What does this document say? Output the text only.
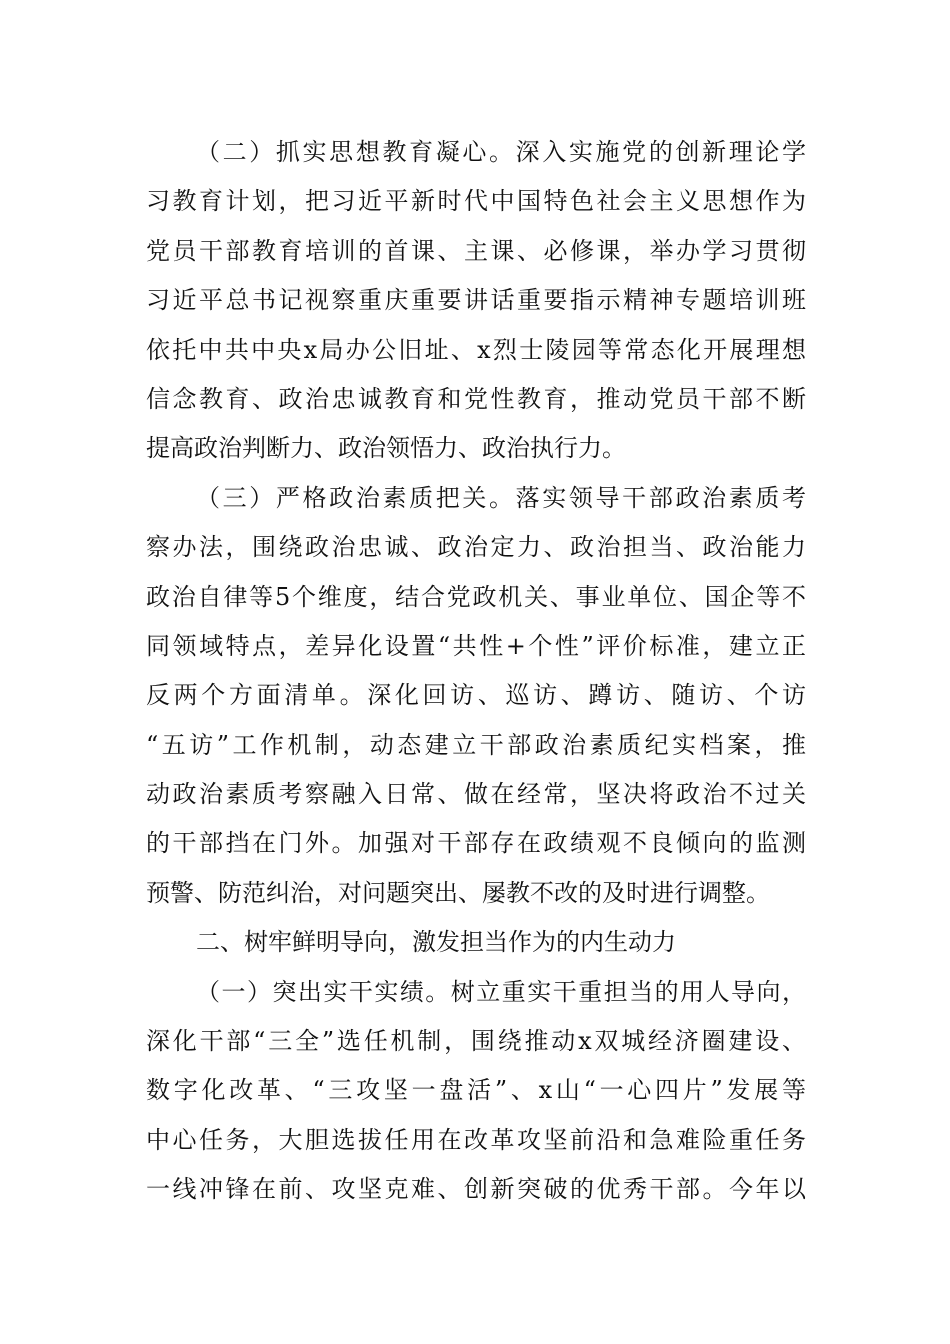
（二）抓实思想教育凝心。深入实施党的创新理论学
习教育计划，把习近平新时代中国特色社会主义思想作为
党员干部教育培训的首课、主课、必修课，举办学习贯彻
习近平总书记视察重庆重要讲话重要指示精神专题培训班
依托中共中央x局办公旧址、x烈士陵园等常态化开展理想
信念教育、政治忠诚教育和党性教育，推动党员干部不断
提高政治判断力、政治领悟力、政治执行力。
（三）严格政治素质把关。落实领导干部政治素质考
察办法，围绕政治忠诚、政治定力、政治担当、政治能力
政治自律等5个维度，结合党政机关、事业单位、国企等不
同领域特点，差异化设置“共性+个性”评价标准，建立正
反两个方面清单。深化回访、巡访、蹲访、随访、个访
“五访”工作机制，动态建立干部政治素质纪实档案，推
动政治素质考察融入日常、做在经常，坚决将政治不过关
的干部挡在门外。加强对干部存在政绩观不良倾向的监测
预警、防范纠治，对问题突出、屡教不改的及时进行调整。
二、树牢鲜明导向，激发担当作为的内生动力
（一）突出实干实绩。树立重实干重担当的用人导向，
深化干部“三全”选任机制，围绕推动x双城经济圈建设、
数字化改革、“三攻坚一盘活”、x山“一心四片”发展等
中心任务，大胆选拔任用在改革攻坚前沿和急难险重任务
一线冲锋在前、攻坚克难、创新突破的优秀干部。今年以
